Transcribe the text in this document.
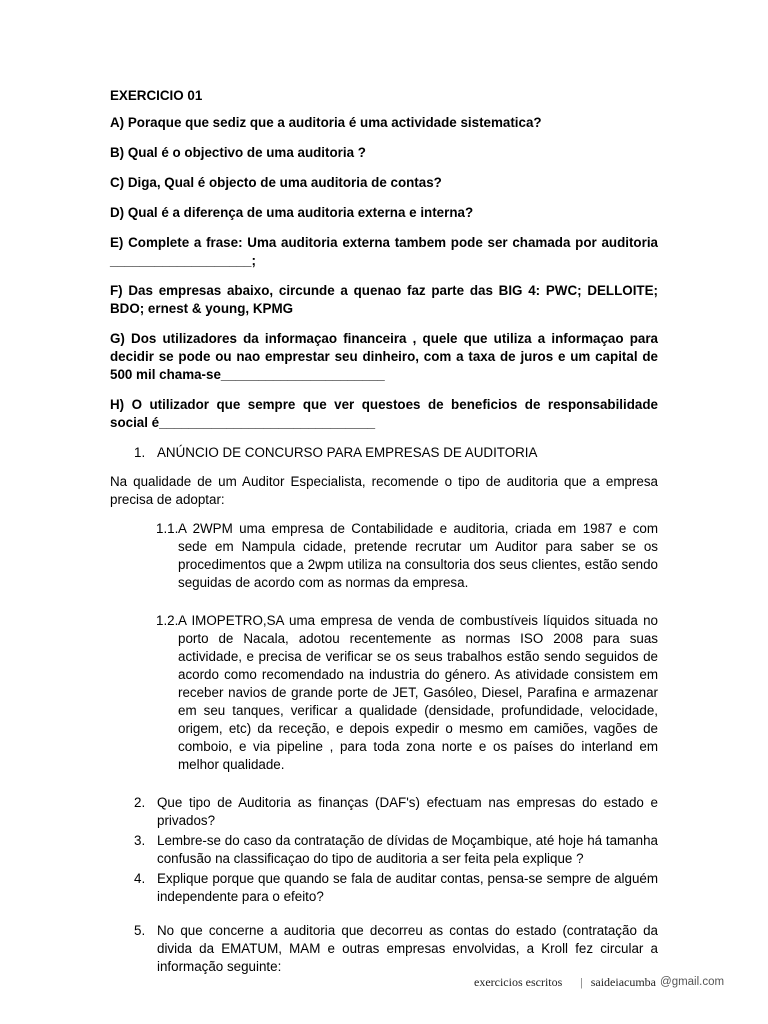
EXERCICIO 01
A) Poraque que sediz que a auditoria é uma actividade sistematica?
B) Qual é o objectivo de uma auditoria ?
C) Diga, Qual é objecto de uma auditoria de contas?
D) Qual é a diferença de uma auditoria externa e interna?
E) Complete a frase: Uma auditoria externa tambem pode ser chamada por auditoria ___________________;
F) Das empresas abaixo, circunde a quenao faz parte das BIG 4: PWC; DELLOITE; BDO; ernest & young, KPMG
G) Dos utilizadores da informaçao financeira , quele que utiliza a informaçao para decidir se pode ou nao emprestar seu dinheiro, com a taxa de juros e um capital de 500 mil chama-se______________________
H) O utilizador que sempre que ver questoes de beneficios de responsabilidade social é_____________________________
1. ANÚNCIO DE CONCURSO PARA EMPRESAS DE AUDITORIA
Na qualidade de um Auditor Especialista, recomende o tipo de auditoria que a empresa precisa de adoptar:
1.1. A 2WPM uma empresa de Contabilidade e auditoria, criada em 1987 e com sede em Nampula cidade, pretende recrutar um Auditor para saber se os procedimentos que a 2wpm utiliza na consultoria dos seus clientes, estão sendo seguidas de acordo com as normas da empresa.
1.2. A IMOPETRO,SA uma empresa de venda de combustíveis líquidos situada no porto de Nacala, adotou recentemente as normas ISO 2008 para suas actividade, e precisa de verificar se os seus trabalhos estão sendo seguidos de acordo como recomendado na industria do género. As atividade consistem em receber navios de grande porte de JET, Gasóleo, Diesel, Parafina e armazenar em seu tanques, verificar a qualidade (densidade, profundidade, velocidade, origem, etc) da receção, e depois expedir o mesmo em camiões, vagões de comboio, e via pipeline , para toda zona norte e os países do interland em melhor qualidade.
2. Que tipo de Auditoria as finanças (DAF's) efectuam nas empresas do estado e privados?
3. Lembre-se do caso da contratação de dívidas de Moçambique, até hoje há tamanha confusão na classificaçao do tipo de auditoria a ser feita pela explique ?
4. Explique porque que quando se fala de auditar contas, pensa-se sempre de alguém independente para o efeito?
5. No que concerne a auditoria que decorreu as contas do estado (contratação da divida da EMATUM, MAM e outras empresas envolvidas, a Kroll fez circular a informação seguinte:
exercicios escritos | saideiacumba @gmail.com
